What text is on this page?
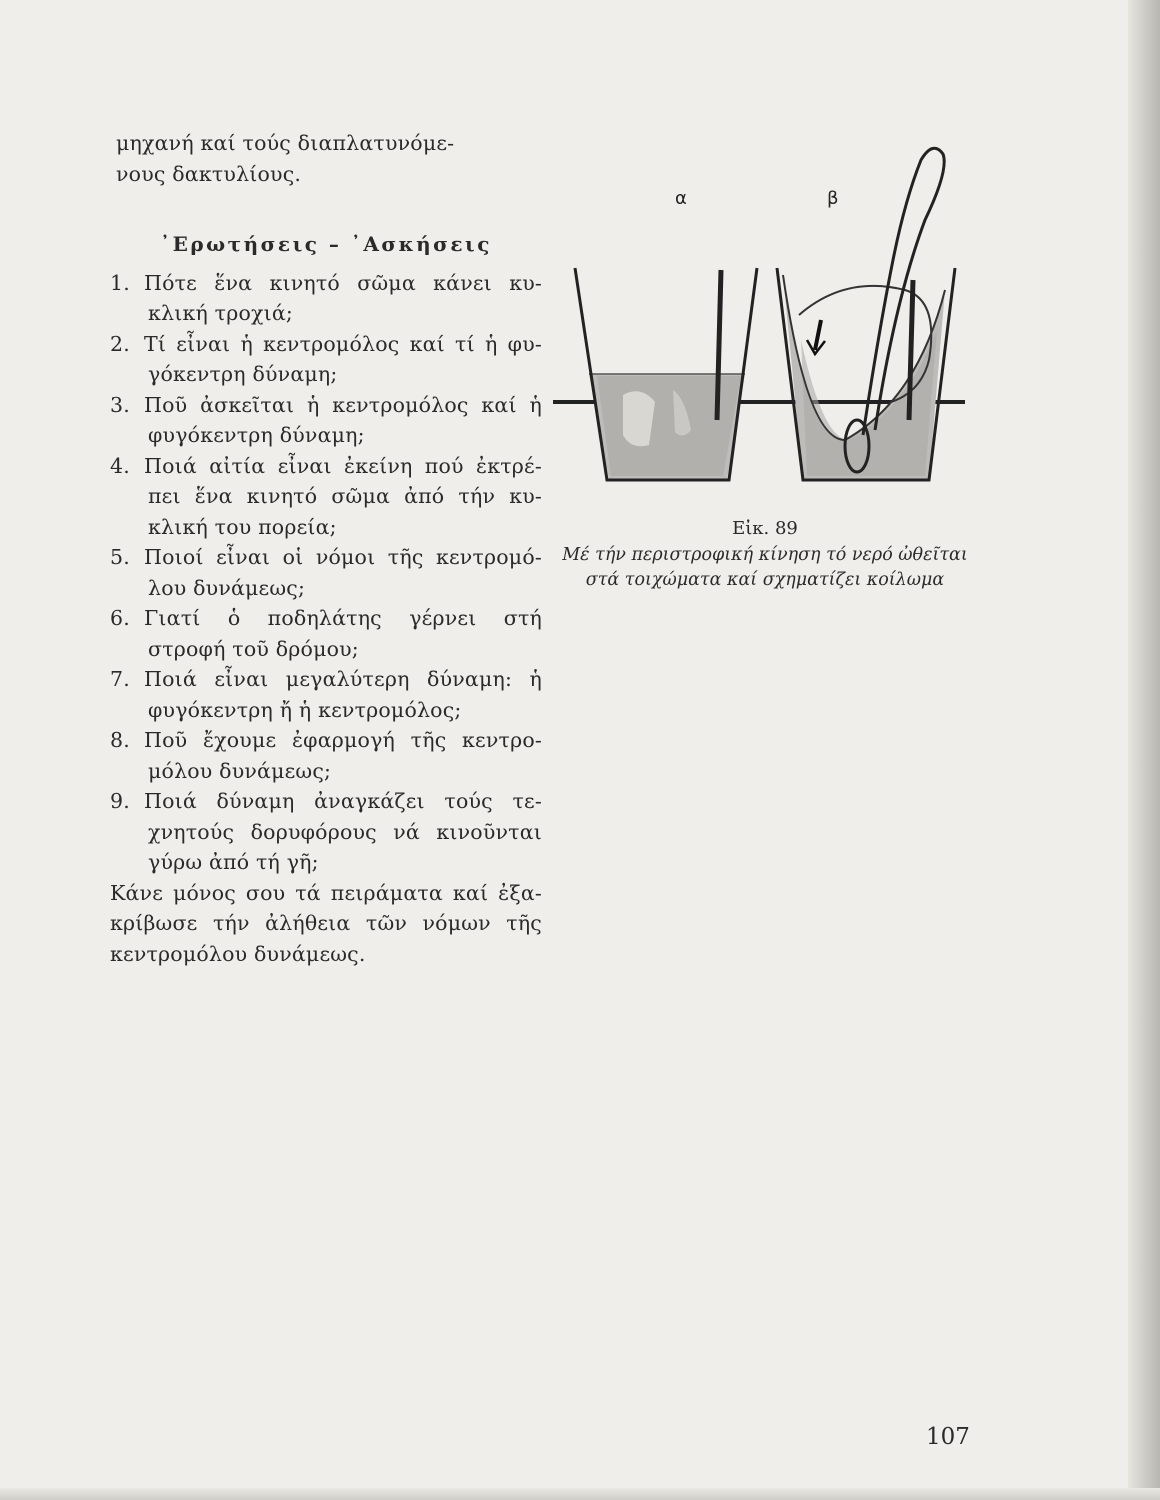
μηχανή καί τούς διαπλατυνόμε-
νους δακτυλίους.
᾿Ερωτήσεις – ᾿Ασκήσεις
1. Πότε ἕνα κινητό σῶμα κάνει κυ-
κλική τροχιά;
2. Τί εἶναι ἡ κεντρομόλος καί τί ἡ φυ-
γόκεντρη δύναμη;
3. Ποῦ ἀσκεῖται ἡ κεντρομόλος καί ἡ
φυγόκεντρη δύναμη;
4. Ποιά αἰτία εἶναι ἐκείνη πού ἐκτρέ-
πει ἕνα κινητό σῶμα ἀπό τήν κυ-
κλική του πορεία;
5. Ποιοί εἶναι οἱ νόμοι τῆς κεντρομό-
λου δυνάμεως;
6. Γιατί ὁ ποδηλάτης γέρνει στή
στροφή τοῦ δρόμου;
7. Ποιά εἶναι μεγαλύτερη δύναμη: ἡ
φυγόκεντρη ἤ ἡ κεντρομόλος;
8. Ποῦ ἔχουμε ἐφαρμογή τῆς κεντρο-
μόλου δυνάμεως;
9. Ποιά δύναμη ἀναγκάζει τούς τε-
χνητούς δορυφόρους νά κινοῦνται
γύρω ἀπό τή γῆ;
Κάνε μόνος σου τά πειράματα καί ἐξα-
κρίβωσε τήν ἀλήθεια τῶν νόμων τῆς
κεντρομόλου δυνάμεως.
α	β
Εἰκ. 89
Μέ τήν περιστροφική κίνηση τό νερό ὠθεῖται στά τοιχώματα καί σχηματίζει κοίλωμα
107
